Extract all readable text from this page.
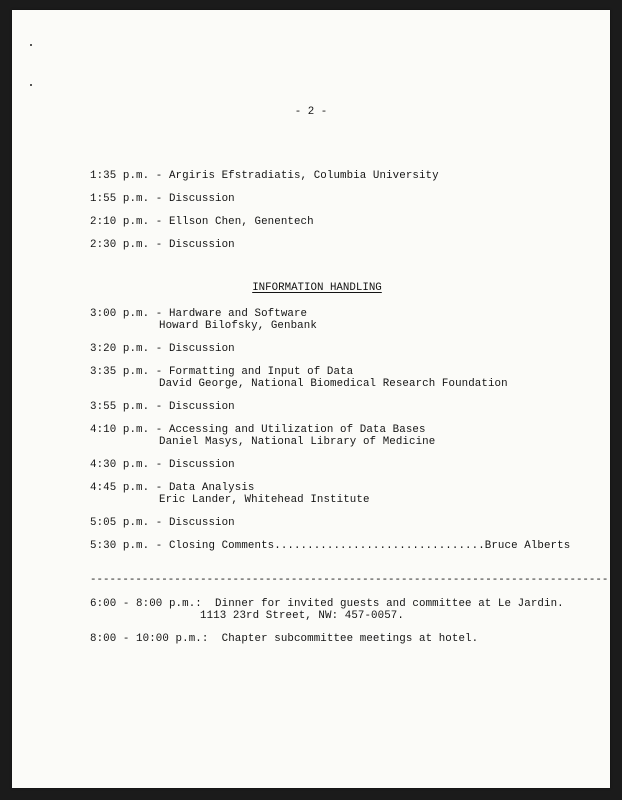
- 2 -
1:35 p.m. - Argiris Efstradiatis, Columbia University
1:55 p.m. - Discussion
2:10 p.m. - Ellson Chen, Genentech
2:30 p.m. - Discussion
INFORMATION HANDLING
3:00 p.m. - Hardware and Software
Howard Bilofsky, Genbank
3:20 p.m. - Discussion
3:35 p.m. - Formatting and Input of Data
David George, National Biomedical Research Foundation
3:55 p.m. - Discussion
4:10 p.m. - Accessing and Utilization of Data Bases
Daniel Masys, National Library of Medicine
4:30 p.m. - Discussion
4:45 p.m. - Data Analysis
Eric Lander, Whitehead Institute
5:05 p.m. - Discussion
5:30 p.m. - Closing Comments................................Bruce Alberts
--------------------------------------------------------------------------------
6:00 - 8:00 p.m.: Dinner for invited guests and committee at Le Jardin.
1113 23rd Street, NW: 457-0057.
8:00 - 10:00 p.m.: Chapter subcommittee meetings at hotel.
